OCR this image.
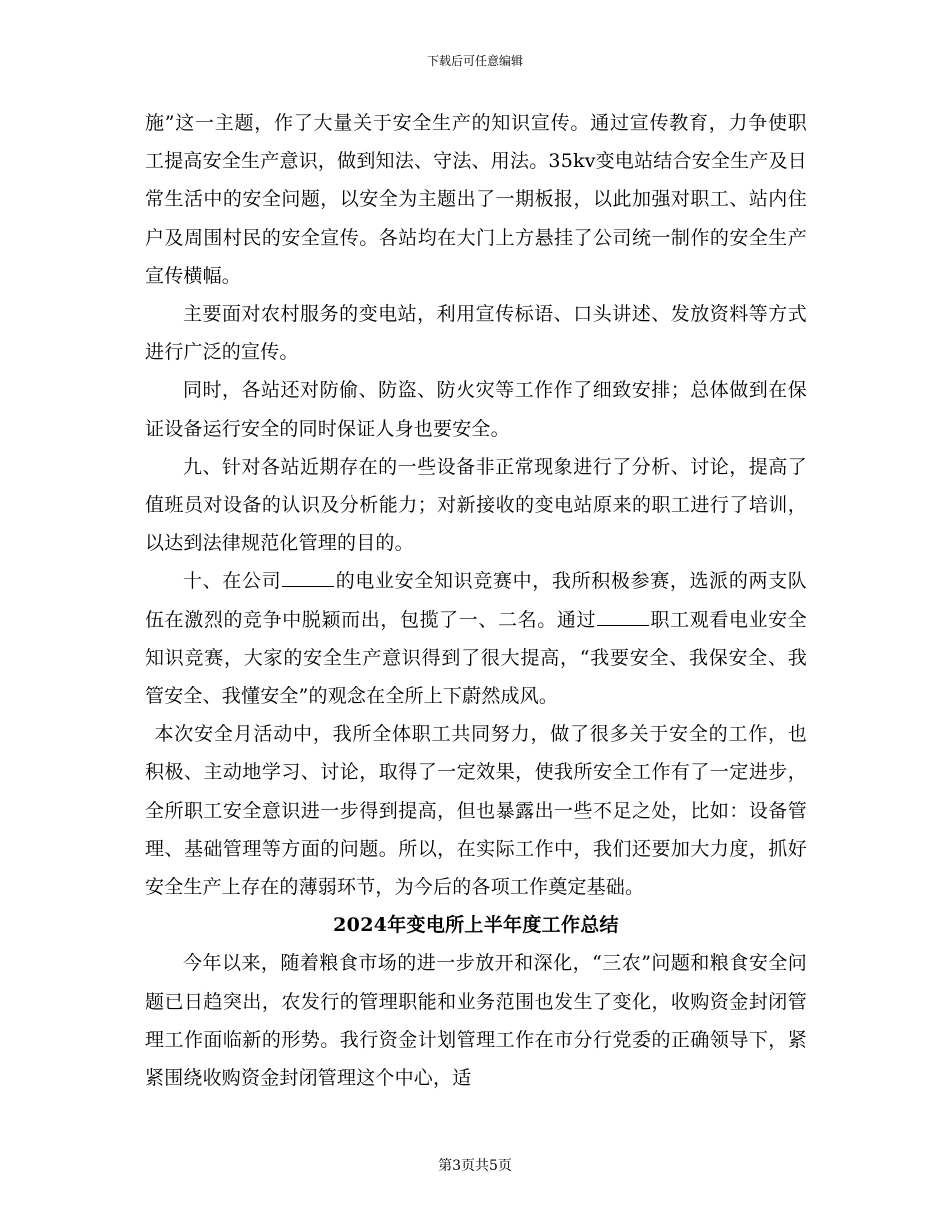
下载后可任意编辑

施”这一主题，作了大量关于安全生产的知识宣传。通过宣传教育，力争使职工提高安全生产意识，做到知法、守法、用法。35kv变电站结合安全生产及日常生活中的安全问题，以安全为主题出了一期板报，以此加强对职工、站内住户及周围村民的安全宣传。各站均在大门上方悬挂了公司统一制作的安全生产宣传横幅。

主要面对农村服务的变电站，利用宣传标语、口头讲述、发放资料等方式进行广泛的宣传。

同时，各站还对防偷、防盗、防火灾等工作作了细致安排；总体做到在保证设备运行安全的同时保证人身也要安全。

九、针对各站近期存在的一些设备非正常现象进行了分析、讨论，提高了值班员对设备的认识及分析能力；对新接收的变电站原来的职工进行了培训，以达到法律规范化管理的目的。

十、在公司	的电业安全知识竞赛中，我所积极参赛，选派的两支队伍在激烈的竞争中脱颖而出，包揽了一、二名。通过	职工观看电业安全知识竞赛，大家的安全生产意识得到了很大提高，“我要安全、我保安全、我管安全、我懂安全”的观念在全所上下蔚然成风。

本次安全月活动中，我所全体职工共同努力，做了很多关于安全的工作，也积极、主动地学习、讨论，取得了一定效果，使我所安全工作有了一定进步，全所职工安全意识进一步得到提高，但也暴露出一些不足之处，比如：设备管理、基础管理等方面的问题。所以，在实际工作中，我们还要加大力度，抓好安全生产上存在的薄弱环节，为今后的各项工作奠定基础。

2024年变电所上半年度工作总结

今年以来，随着粮食市场的进一步放开和深化，“三农”问题和粮食安全问题已日趋突出，农发行的管理职能和业务范围也发生了变化，收购资金封闭管理工作面临新的形势。我行资金计划管理工作在市分行党委的正确领导下，紧紧围绕收购资金封闭管理这个中心，适

第3页共5页
